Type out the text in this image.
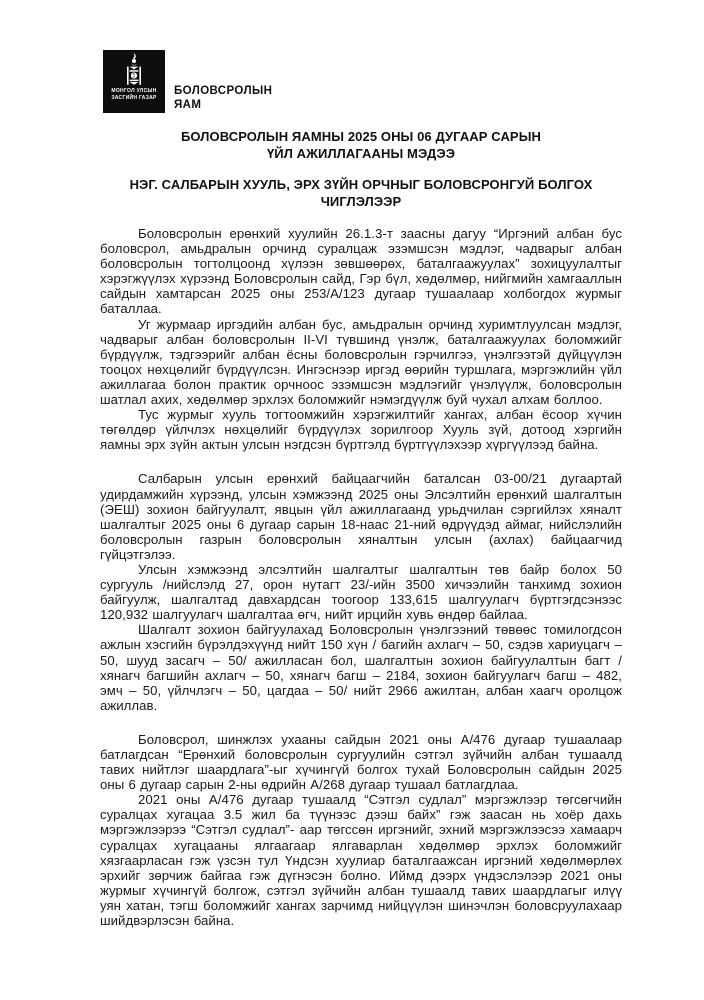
МОНГОЛ УЛСЫН
ЗАСГИЙН ГАЗАР
БОЛОВСРОЛЫН
ЯАМ
БОЛОВСРОЛЫН ЯАМНЫ 2025 ОНЫ 06 ДУГААР САРЫН
ҮЙЛ АЖИЛЛАГААНЫ МЭДЭЭ
НЭГ. САЛБАРЫН ХУУЛЬ, ЭРХ ЗҮЙН ОРЧНЫГ БОЛОВСРОНГУЙ БОЛГОХ
ЧИГЛЭЛЭЭР

Боловсролын ерөнхий хуулийн 26.1.3-т заасны дагуу “Иргэний албан бус боловсрол, амьдралын орчинд суралцаж эзэмшсэн мэдлэг, чадварыг албан боловсролын тогтолцоонд хүлээн зөвшөөрөх, баталгаажуулах” зохицуулалтыг хэрэгжүүлэх хүрээнд Боловсролын сайд, Гэр бүл, хөдөлмөр, нийгмийн хамгааллын сайдын хамтарсан 2025 оны 253/А/123 дугаар тушаалаар холбогдох журмыг баталлаа.

Уг журмаар иргэдийн албан бус, амьдралын орчинд хуримтлуулсан мэдлэг, чадварыг албан боловсролын II-VI түвшинд үнэлж, баталгаажуулах боломжийг бүрдүүлж, тэдгээрийг албан ёсны боловсролын гэрчилгээ, үнэлгээтэй дүйцүүлэн тооцох нөхцөлийг бүрдүүлсэн. Ингэснээр иргэд өөрийн туршлага, мэргэжлийн үйл ажиллагаа болон практик орчноос эзэмшсэн мэдлэгийг үнэлүүлж, боловсролын шатлал ахих, хөдөлмөр эрхлэх боломжийг нэмэгдүүлж буй чухал алхам боллоо.

Тус журмыг хууль тогтоомжийн хэрэгжилтийг хангах, албан ёсоор хүчин төгөлдөр үйлчлэх нөхцөлийг бүрдүүлэх зорилгоор Хууль зүй, дотоод хэргийн яамны эрх зүйн актын улсын нэгдсэн бүртгэлд бүртгүүлэхээр хүргүүлээд байна.

Салбарын улсын ерөнхий байцаагчийн баталсан 03-00/21 дугаартай удирдамжийн хүрээнд, улсын хэмжээнд 2025 оны Элсэлтийн ерөнхий шалгалтын (ЭЕШ) зохион байгуулалт, явцын үйл ажиллагаанд урьдчилан сэргийлэх хяналт шалгалтыг 2025 оны 6 дугаар сарын 18-наас 21-ний өдрүүдэд аймаг, нийслэлийн боловсролын газрын боловсролын хяналтын улсын (ахлах) байцаагчид гүйцэтгэлээ.

Улсын хэмжээнд элсэлтийн шалгалтыг шалгалтын төв байр болох 50 сургууль /нийслэлд 27, орон нутагт 23/-ийн 3500 хичээлийн танхимд зохион байгуулж, шалгалтад давхардсан тоогоор 133,615 шалгуулагч бүртгэгдсэнээс 120,932 шалгуулагч шалгалтаа өгч, нийт ирцийн хувь өндөр байлаа.

Шалгалт зохион байгуулахад Боловсролын үнэлгээний төвөөс томилогдсон ажлын хэсгийн бүрэлдэхүүнд нийт 150 хүн / багийн ахлагч – 50, сэдэв хариуцагч – 50, шууд засагч – 50/ ажилласан бол, шалгалтын зохион байгуулалтын багт /хянагч багшийн ахлагч – 50, хянагч багш – 2184, зохион байгуулагч багш – 482, эмч – 50, үйлчлэгч – 50, цагдаа – 50/ нийт 2966 ажилтан, албан хаагч оролцож ажиллав.

Боловсрол, шинжлэх ухааны сайдын 2021 оны А/476 дугаар тушаалаар батлагдсан “Ерөнхий боловсролын сургуулийн сэтгэл зүйчийн албан тушаалд тавих нийтлэг шаардлага”-ыг хүчингүй болгох тухай Боловсролын сайдын 2025 оны 6 дугаар сарын 2-ны өдрийн А/268 дугаар тушаал батлагдлаа.

2021 оны А/476 дугаар тушаалд “Сэтгэл судлал” мэргэжлээр төгсөгчийн суралцах хугацаа 3.5 жил ба түүнээс дээш байх” гэж заасан нь хоёр дахь мэргэжлээрээ “Сэтгэл судлал”- аар төгссөн иргэнийг, эхний мэргэжлээсээ хамаарч суралцах хугацааны ялгаагаар ялгаварлан хөдөлмөр эрхлэх боломжийг хязгаарласан гэж үзсэн тул Үндсэн хуулиар баталгаажсан иргэний хөдөлмөрлөх эрхийг зөрчиж байгаа гэж дүгнэсэн болно. Иймд дээрх үндэслэлээр 2021 оны журмыг хүчингүй болгож, сэтгэл зүйчийн албан тушаалд тавих шаардлагыг илүү уян хатан, тэгш боломжийг хангах зарчимд нийцүүлэн шинэчлэн боловсруулахаар шийдвэрлэсэн байна.
